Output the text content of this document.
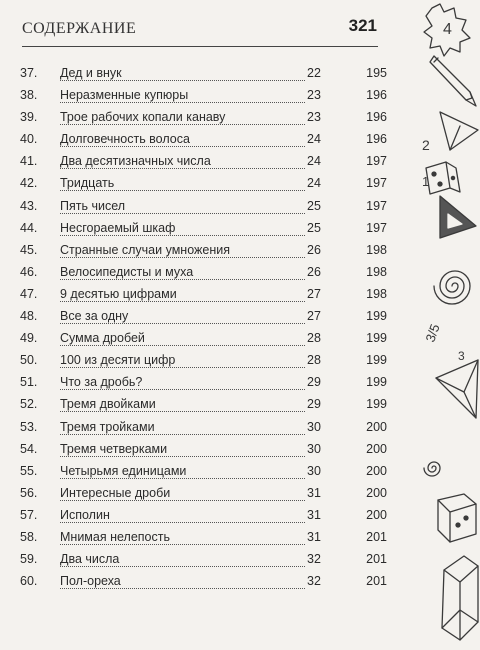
СОДЕРЖАНИЕ	321
37. Дед и внук	22	195
38. Неразменные купюры	23	196
39. Трое рабочих копали канаву	23	196
40. Долговечность волоса	24	196
41. Два десятизначных числа	24	197
42. Тридцать	24	197
43. Пять чисел	25	197
44. Несгораемый шкаф	25	197
45. Странные случаи умножения	26	198
46. Велосипедисты и муха	26	198
47. 9 десятью цифрами	27	198
48. Все за одну	27	199
49. Сумма дробей	28	199
50. 100 из десяти цифр	28	199
51. Что за дробь?	29	199
52. Тремя двойками	29	199
53. Тремя тройками	30	200
54. Тремя четверками	30	200
55. Четырьмя единицами	30	200
56. Интересные дроби	31	200
57. Исполин	31	200
58. Мнимая нелепость	31	201
59. Два числа	32	201
60. Пол-ореха	32	201
4
2
1
3/5
3
